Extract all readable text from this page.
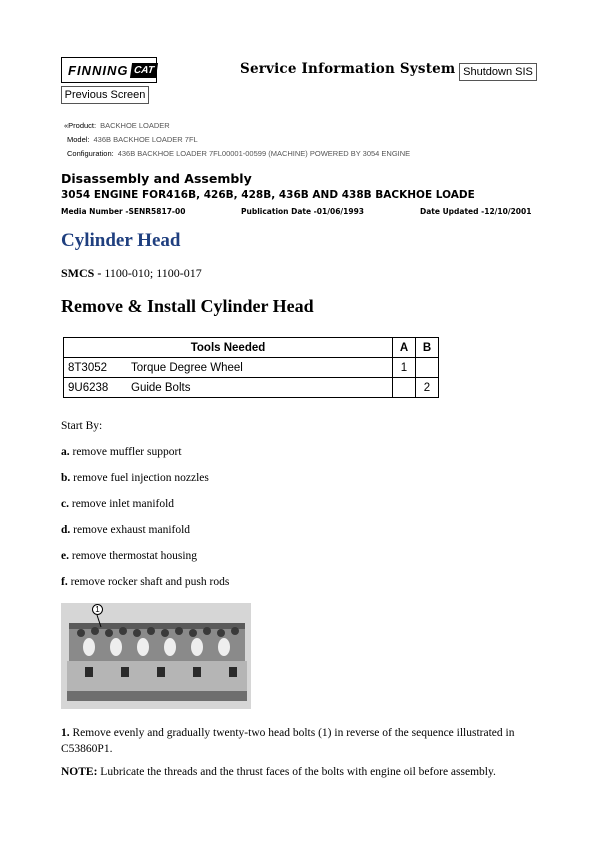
FINNING CAT	Service Information System Shutdown SIS
Previous Screen
«Product: BACKHOE LOADER
Model: 436B BACKHOE LOADER 7FL
Configuration: 436B BACKHOE LOADER 7FL00001-00599 (MACHINE) POWERED BY 3054 ENGINE
Disassembly and Assembly
3054 ENGINE FOR416B, 426B, 428B, 436B AND 438B BACKHOE LOADE
Media Number -SENR5817-00	Publication Date -01/06/1993	Date Updated -12/10/2001
Cylinder Head
SMCS - 1100-010; 1100-017
Remove & Install Cylinder Head
Tools Needed		A	B
8T3052	Torque Degree Wheel	1	
9U6238	Guide Bolts		2
Start By:
a. remove muffler support
b. remove fuel injection nozzles
c. remove inlet manifold
d. remove exhaust manifold
e. remove thermostat housing
f. remove rocker shaft and push rods
1
1. Remove evenly and gradually twenty-two head bolts (1) in reverse of the sequence illustrated in C53860P1.
NOTE: Lubricate the threads and the thrust faces of the bolts with engine oil before assembly.
